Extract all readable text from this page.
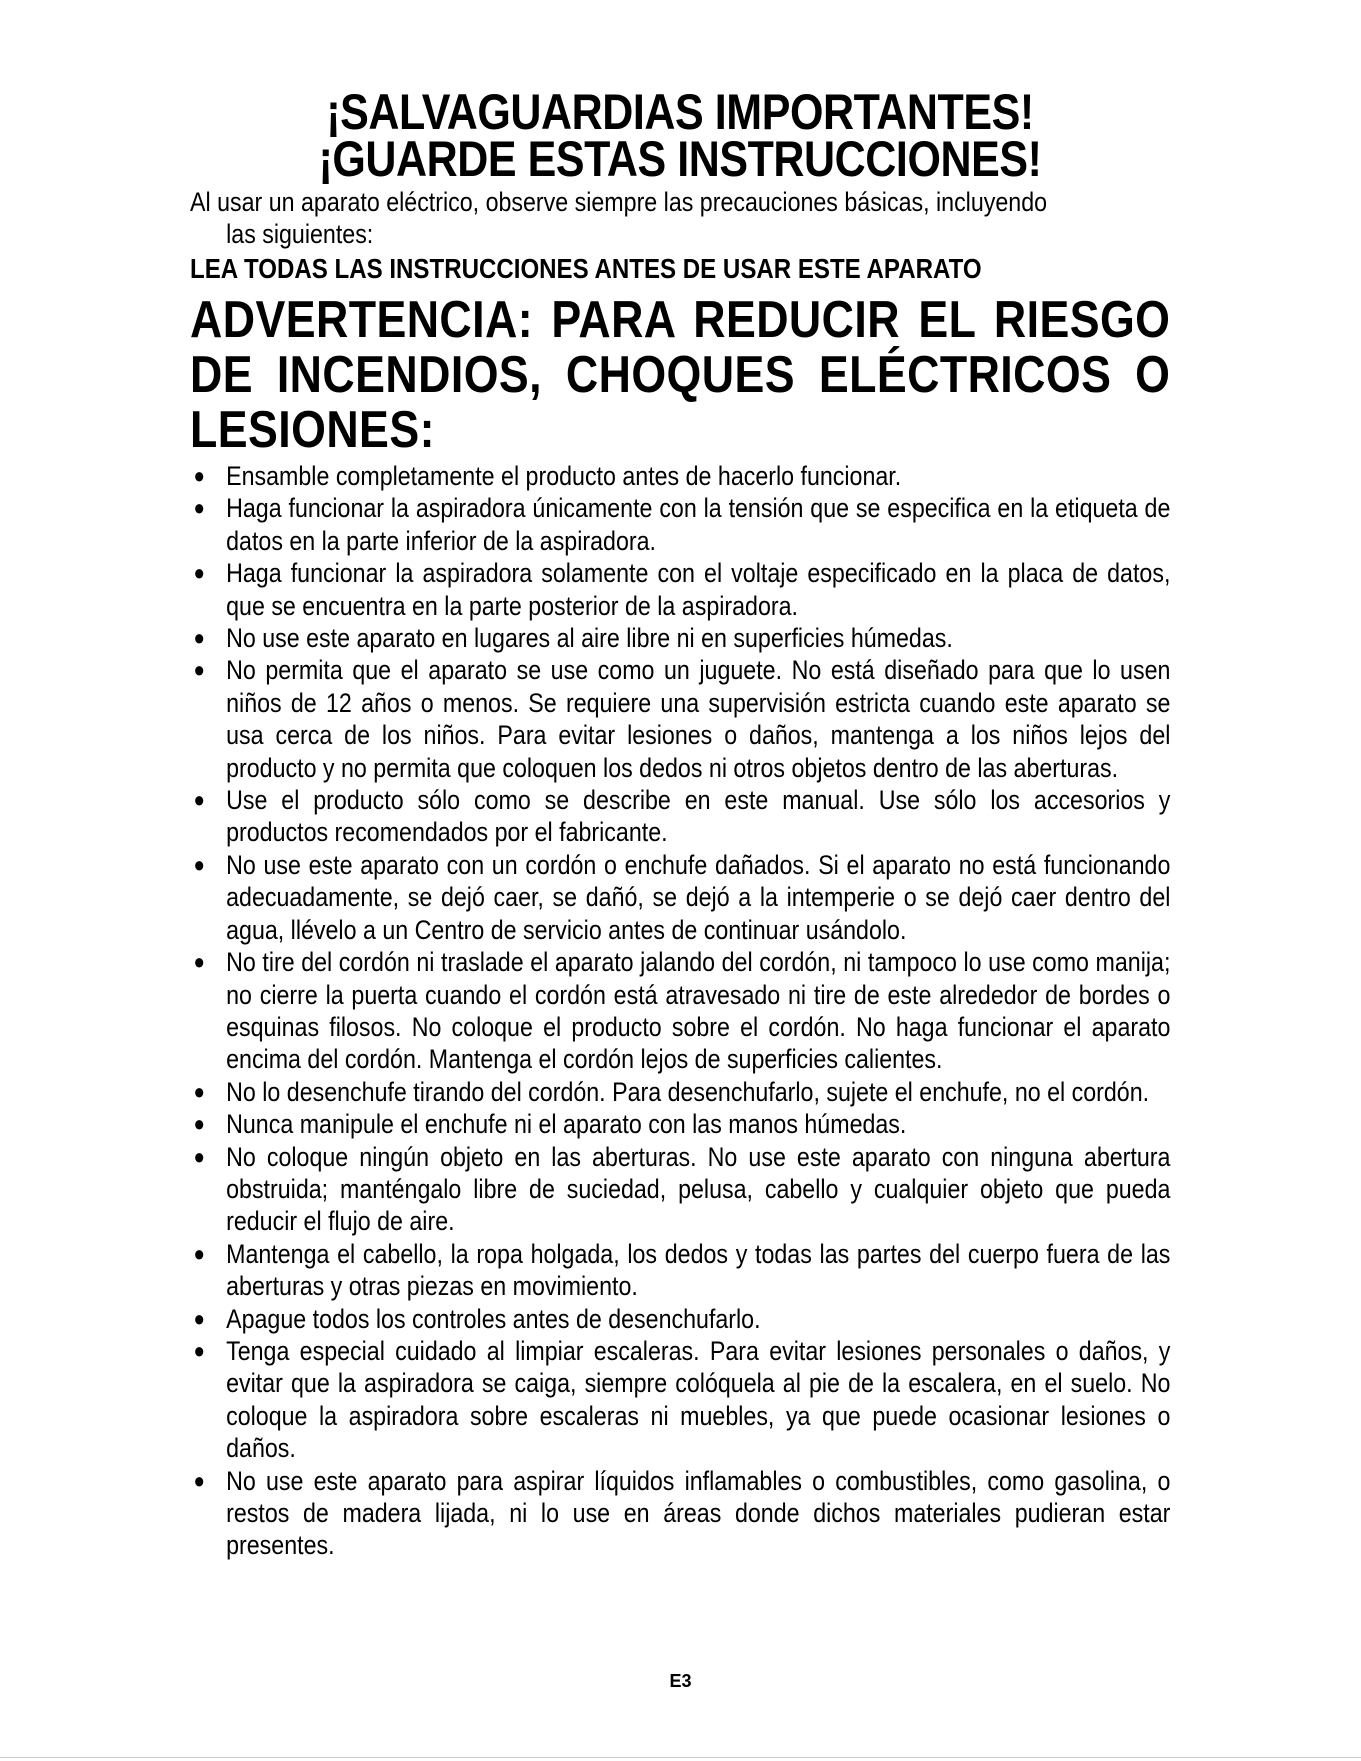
¡SALVAGUARDIAS IMPORTANTES!
¡GUARDE ESTAS INSTRUCCIONES!
Al usar un aparato eléctrico, observe siempre las precauciones básicas, incluyendo
las siguientes:
LEA TODAS LAS INSTRUCCIONES ANTES DE USAR ESTE APARATO
ADVERTENCIA: PARA REDUCIR EL RIESGO DE INCENDIOS, CHOQUES ELÉCTRICOS O LESIONES:
● Ensamble completamente el producto antes de hacerlo funcionar.
● Haga funcionar la aspiradora únicamente con la tensión que se especifica en la etiqueta de datos en la parte inferior de la aspiradora.
● Haga funcionar la aspiradora solamente con el voltaje especificado en la placa de datos, que se encuentra en la parte posterior de la aspiradora.
● No use este aparato en lugares al aire libre ni en superficies húmedas.
● No permita que el aparato se use como un juguete. No está diseñado para que lo usen niños de 12 años o menos. Se requiere una supervisión estricta cuando este aparato se usa cerca de los niños. Para evitar lesiones o daños, mantenga a los niños lejos del producto y no permita que coloquen los dedos ni otros objetos dentro de las aberturas.
● Use el producto sólo como se describe en este manual. Use sólo los accesorios y productos recomendados por el fabricante.
● No use este aparato con un cordón o enchufe dañados. Si el aparato no está funcionando adecuadamente, se dejó caer, se dañó, se dejó a la intemperie o se dejó caer dentro del agua, llévelo a un Centro de servicio antes de continuar usándolo.
● No tire del cordón ni traslade el aparato jalando del cordón, ni tampoco lo use como manija; no cierre la puerta cuando el cordón está atravesado ni tire de este alrededor de bordes o esquinas filosos. No coloque el producto sobre el cordón. No haga funcionar el aparato encima del cordón. Mantenga el cordón lejos de superficies calientes.
● No lo desenchufe tirando del cordón. Para desenchufarlo, sujete el enchufe, no el cordón.
● Nunca manipule el enchufe ni el aparato con las manos húmedas.
● No coloque ningún objeto en las aberturas. No use este aparato con ninguna abertura obstruida; manténgalo libre de suciedad, pelusa, cabello y cualquier objeto que pueda reducir el flujo de aire.
● Mantenga el cabello, la ropa holgada, los dedos y todas las partes del cuerpo fuera de las aberturas y otras piezas en movimiento.
● Apague todos los controles antes de desenchufarlo.
● Tenga especial cuidado al limpiar escaleras. Para evitar lesiones personales o daños, y evitar que la aspiradora se caiga, siempre colóquela al pie de la escalera, en el suelo. No coloque la aspiradora sobre escaleras ni muebles, ya que puede ocasionar lesiones o daños.
● No use este aparato para aspirar líquidos inflamables o combustibles, como gasolina, o restos de madera lijada, ni lo use en áreas donde dichos materiales pudieran estar presentes.
E3
